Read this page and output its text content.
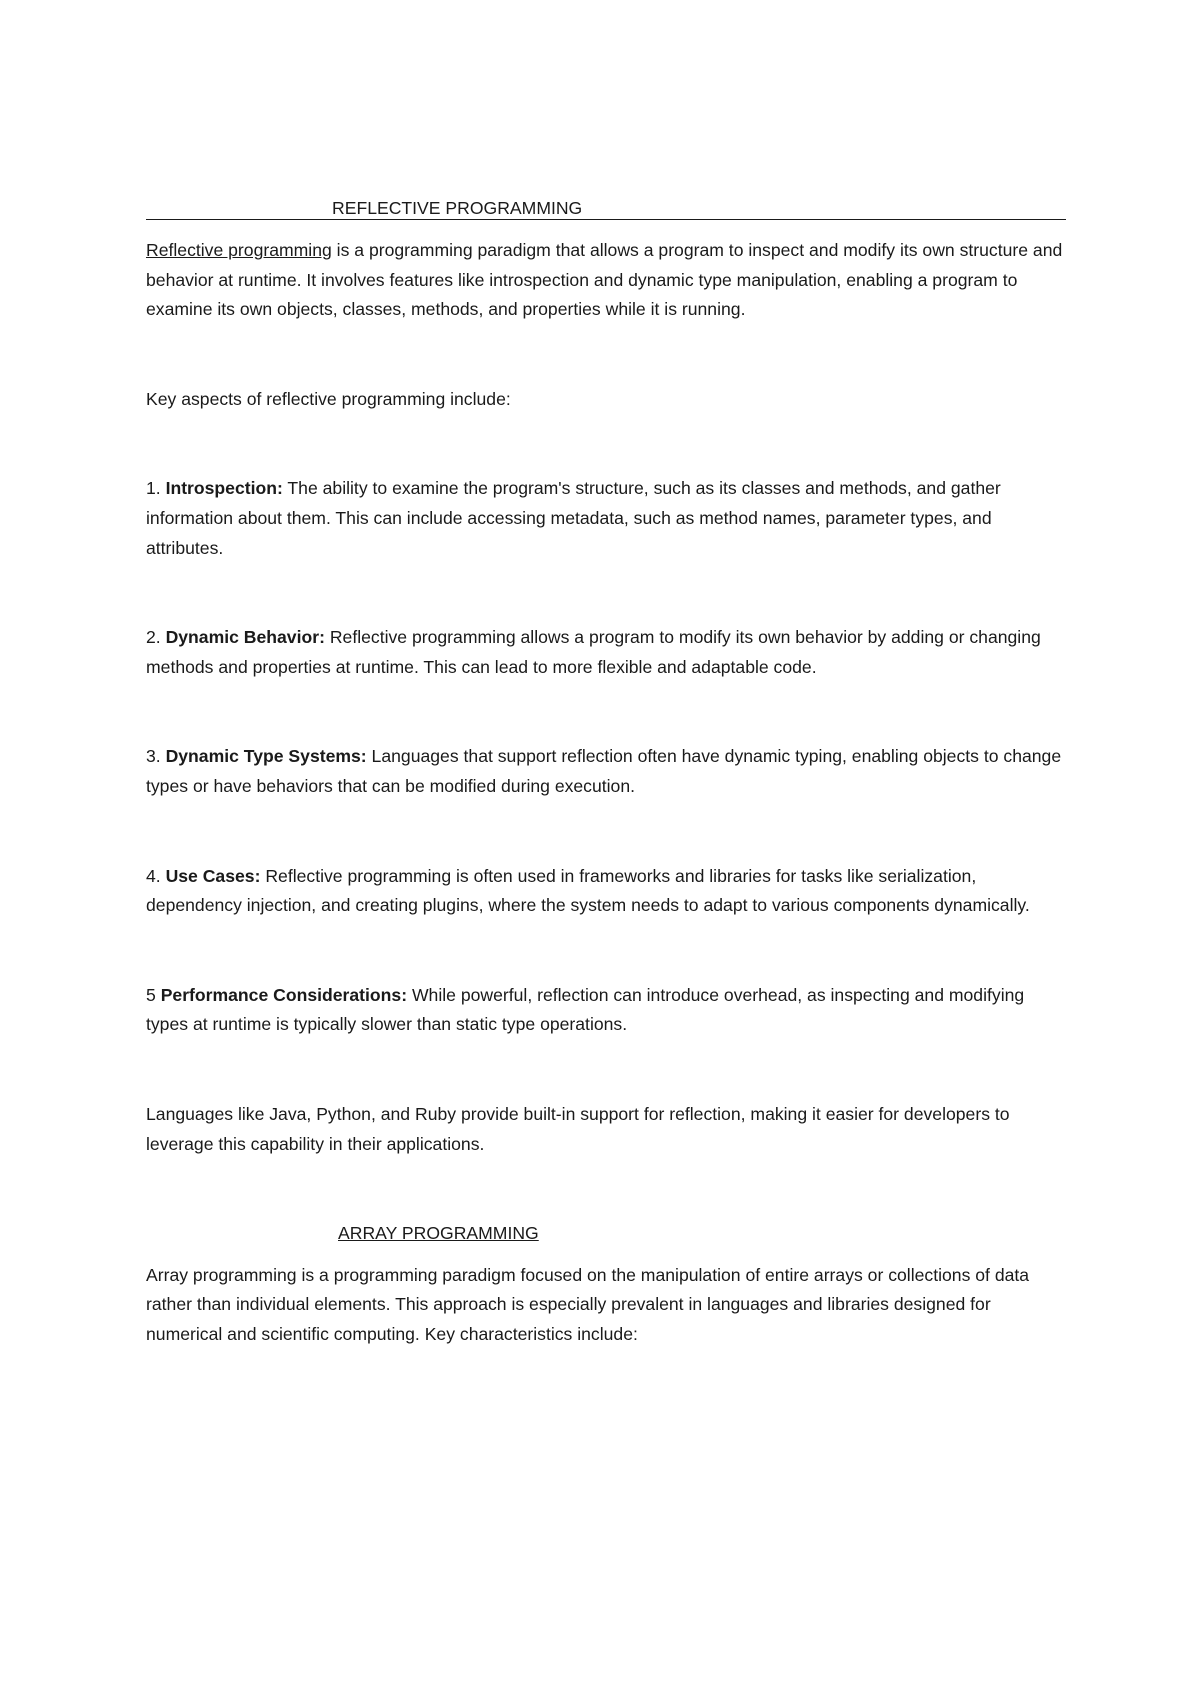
REFLECTIVE PROGRAMMING

Reflective programming is a programming paradigm that allows a program to inspect and modify its own structure and behavior at runtime. It involves features like introspection and dynamic type manipulation, enabling a program to examine its own objects, classes, methods, and properties while it is running.

Key aspects of reflective programming include:

1. Introspection: The ability to examine the program's structure, such as its classes and methods, and gather information about them. This can include accessing metadata, such as method names, parameter types, and attributes.

2. Dynamic Behavior: Reflective programming allows a program to modify its own behavior by adding or changing methods and properties at runtime. This can lead to more flexible and adaptable code.

3. Dynamic Type Systems: Languages that support reflection often have dynamic typing, enabling objects to change types or have behaviors that can be modified during execution.

4. Use Cases: Reflective programming is often used in frameworks and libraries for tasks like serialization, dependency injection, and creating plugins, where the system needs to adapt to various components dynamically.

5 Performance Considerations: While powerful, reflection can introduce overhead, as inspecting and modifying types at runtime is typically slower than static type operations.

Languages like Java, Python, and Ruby provide built-in support for reflection, making it easier for developers to leverage this capability in their applications.

ARRAY PROGRAMMING

Array programming is a programming paradigm focused on the manipulation of entire arrays or collections of data rather than individual elements. This approach is especially prevalent in languages and libraries designed for numerical and scientific computing. Key characteristics include:
